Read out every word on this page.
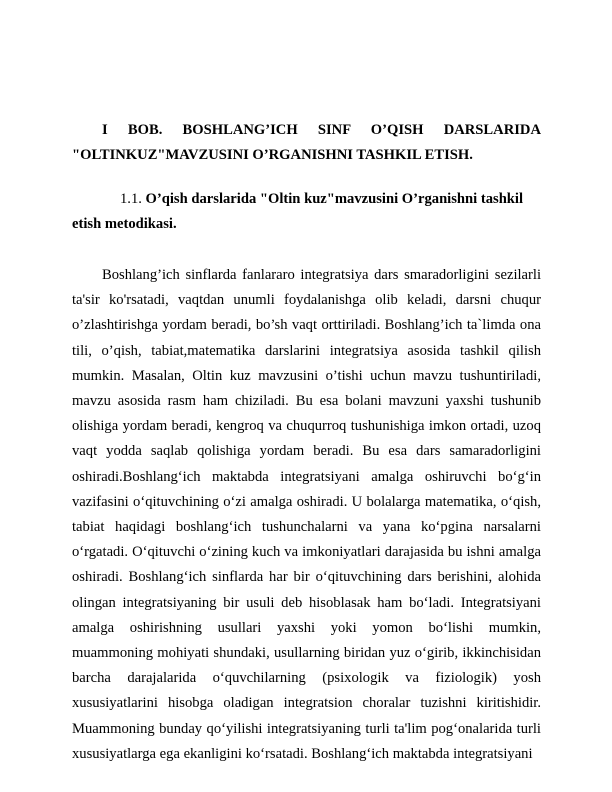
I BOB. BOSHLANG’ICH SINF O’QISH DARSLARIDA
"OLTINKUZ"MAVZUSINI O’RGANISHNI TASHKIL ETISH.
1.1. O’qish darslarida "Oltin kuz"mavzusini O’rganishni tashkil etish metodikasi.

Boshlang’ich sinflarda fanlararo integratsiya dars smaradorligini sezilarli ta'sir ko'rsatadi, vaqtdan unumli foydalanishga olib keladi, darsni chuqur o’zlashtirishga yordam beradi, bo’sh vaqt orttiriladi. Boshlang’ich ta`limda ona tili, o’qish, tabiat,matematika darslarini integratsiya asosida tashkil qilish mumkin. Masalan, Oltin kuz mavzusini o’tishi uchun mavzu tushuntiriladi, mavzu asosida rasm ham chiziladi. Bu esa bolani mavzuni yaxshi tushunib olishiga yordam beradi, kengroq va chuqurroq tushunishiga imkon ortadi, uzoq vaqt yodda saqlab qolishiga yordam beradi. Bu esa dars samaradorligini oshiradi.Boshlang‘ich maktabda integratsiyani amalga oshiruvchi bo‘g‘in vazifasini o‘qituvchining o‘zi amalga oshiradi. U bolalarga matematika, o‘qish, tabiat haqidagi boshlang‘ich tushunchalarni va yana ko‘pgina narsalarni o‘rgatadi. O‘qituvchi o‘zining kuch va imkoniyatlari darajasida bu ishni amalga oshiradi. Boshlang‘ich sinflarda har bir o‘qituvchining dars berishini, alohida olingan integratsiyaning bir usuli deb hisoblasak ham bo‘ladi. Integratsiyani amalga oshirishning usullari yaxshi yoki yomon bo‘lishi mumkin, muammoning mohiyati shundaki, usullarning biridan yuz o‘girib, ikkinchisidan barcha darajalarida o‘quvchilarning (psixologik va fiziologik) yosh xususiyatlarini hisobga oladigan integratsion choralar tuzishni kiritishidir. Muammoning bunday qo‘yilishi integratsiyaning turli ta'lim pog‘onalarida turli xususiyatlarga ega ekanligini ko‘rsatadi. Boshlang‘ich maktabda integratsiyani
